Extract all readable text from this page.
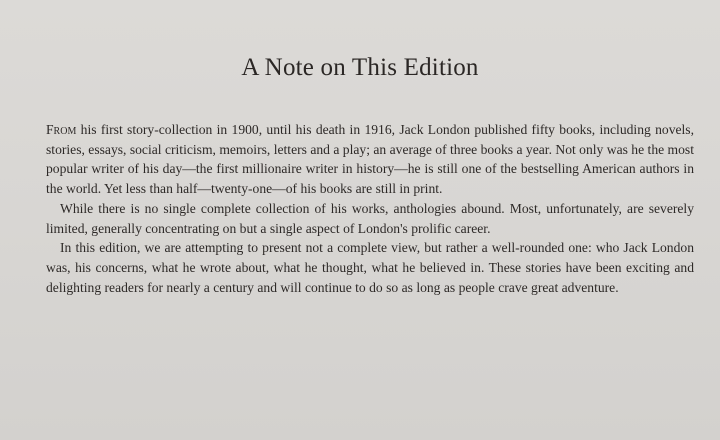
A Note on This Edition

From his first story-collection in 1900, until his death in 1916, Jack London published fifty books, including novels, stories, essays, social criticism, memoirs, letters and a play; an average of three books a year. Not only was he the most popular writer of his day—the first millionaire writer in history—he is still one of the bestselling American authors in the world. Yet less than half—twenty-one—of his books are still in print.

While there is no single complete collection of his works, anthologies abound. Most, unfortunately, are severely limited, generally concentrating on but a single aspect of London's prolific career.

In this edition, we are attempting to present not a complete view, but rather a well-rounded one: who Jack London was, his concerns, what he wrote about, what he thought, what he believed in. These stories have been exciting and delighting readers for nearly a century and will continue to do so as long as people crave great adventure.
